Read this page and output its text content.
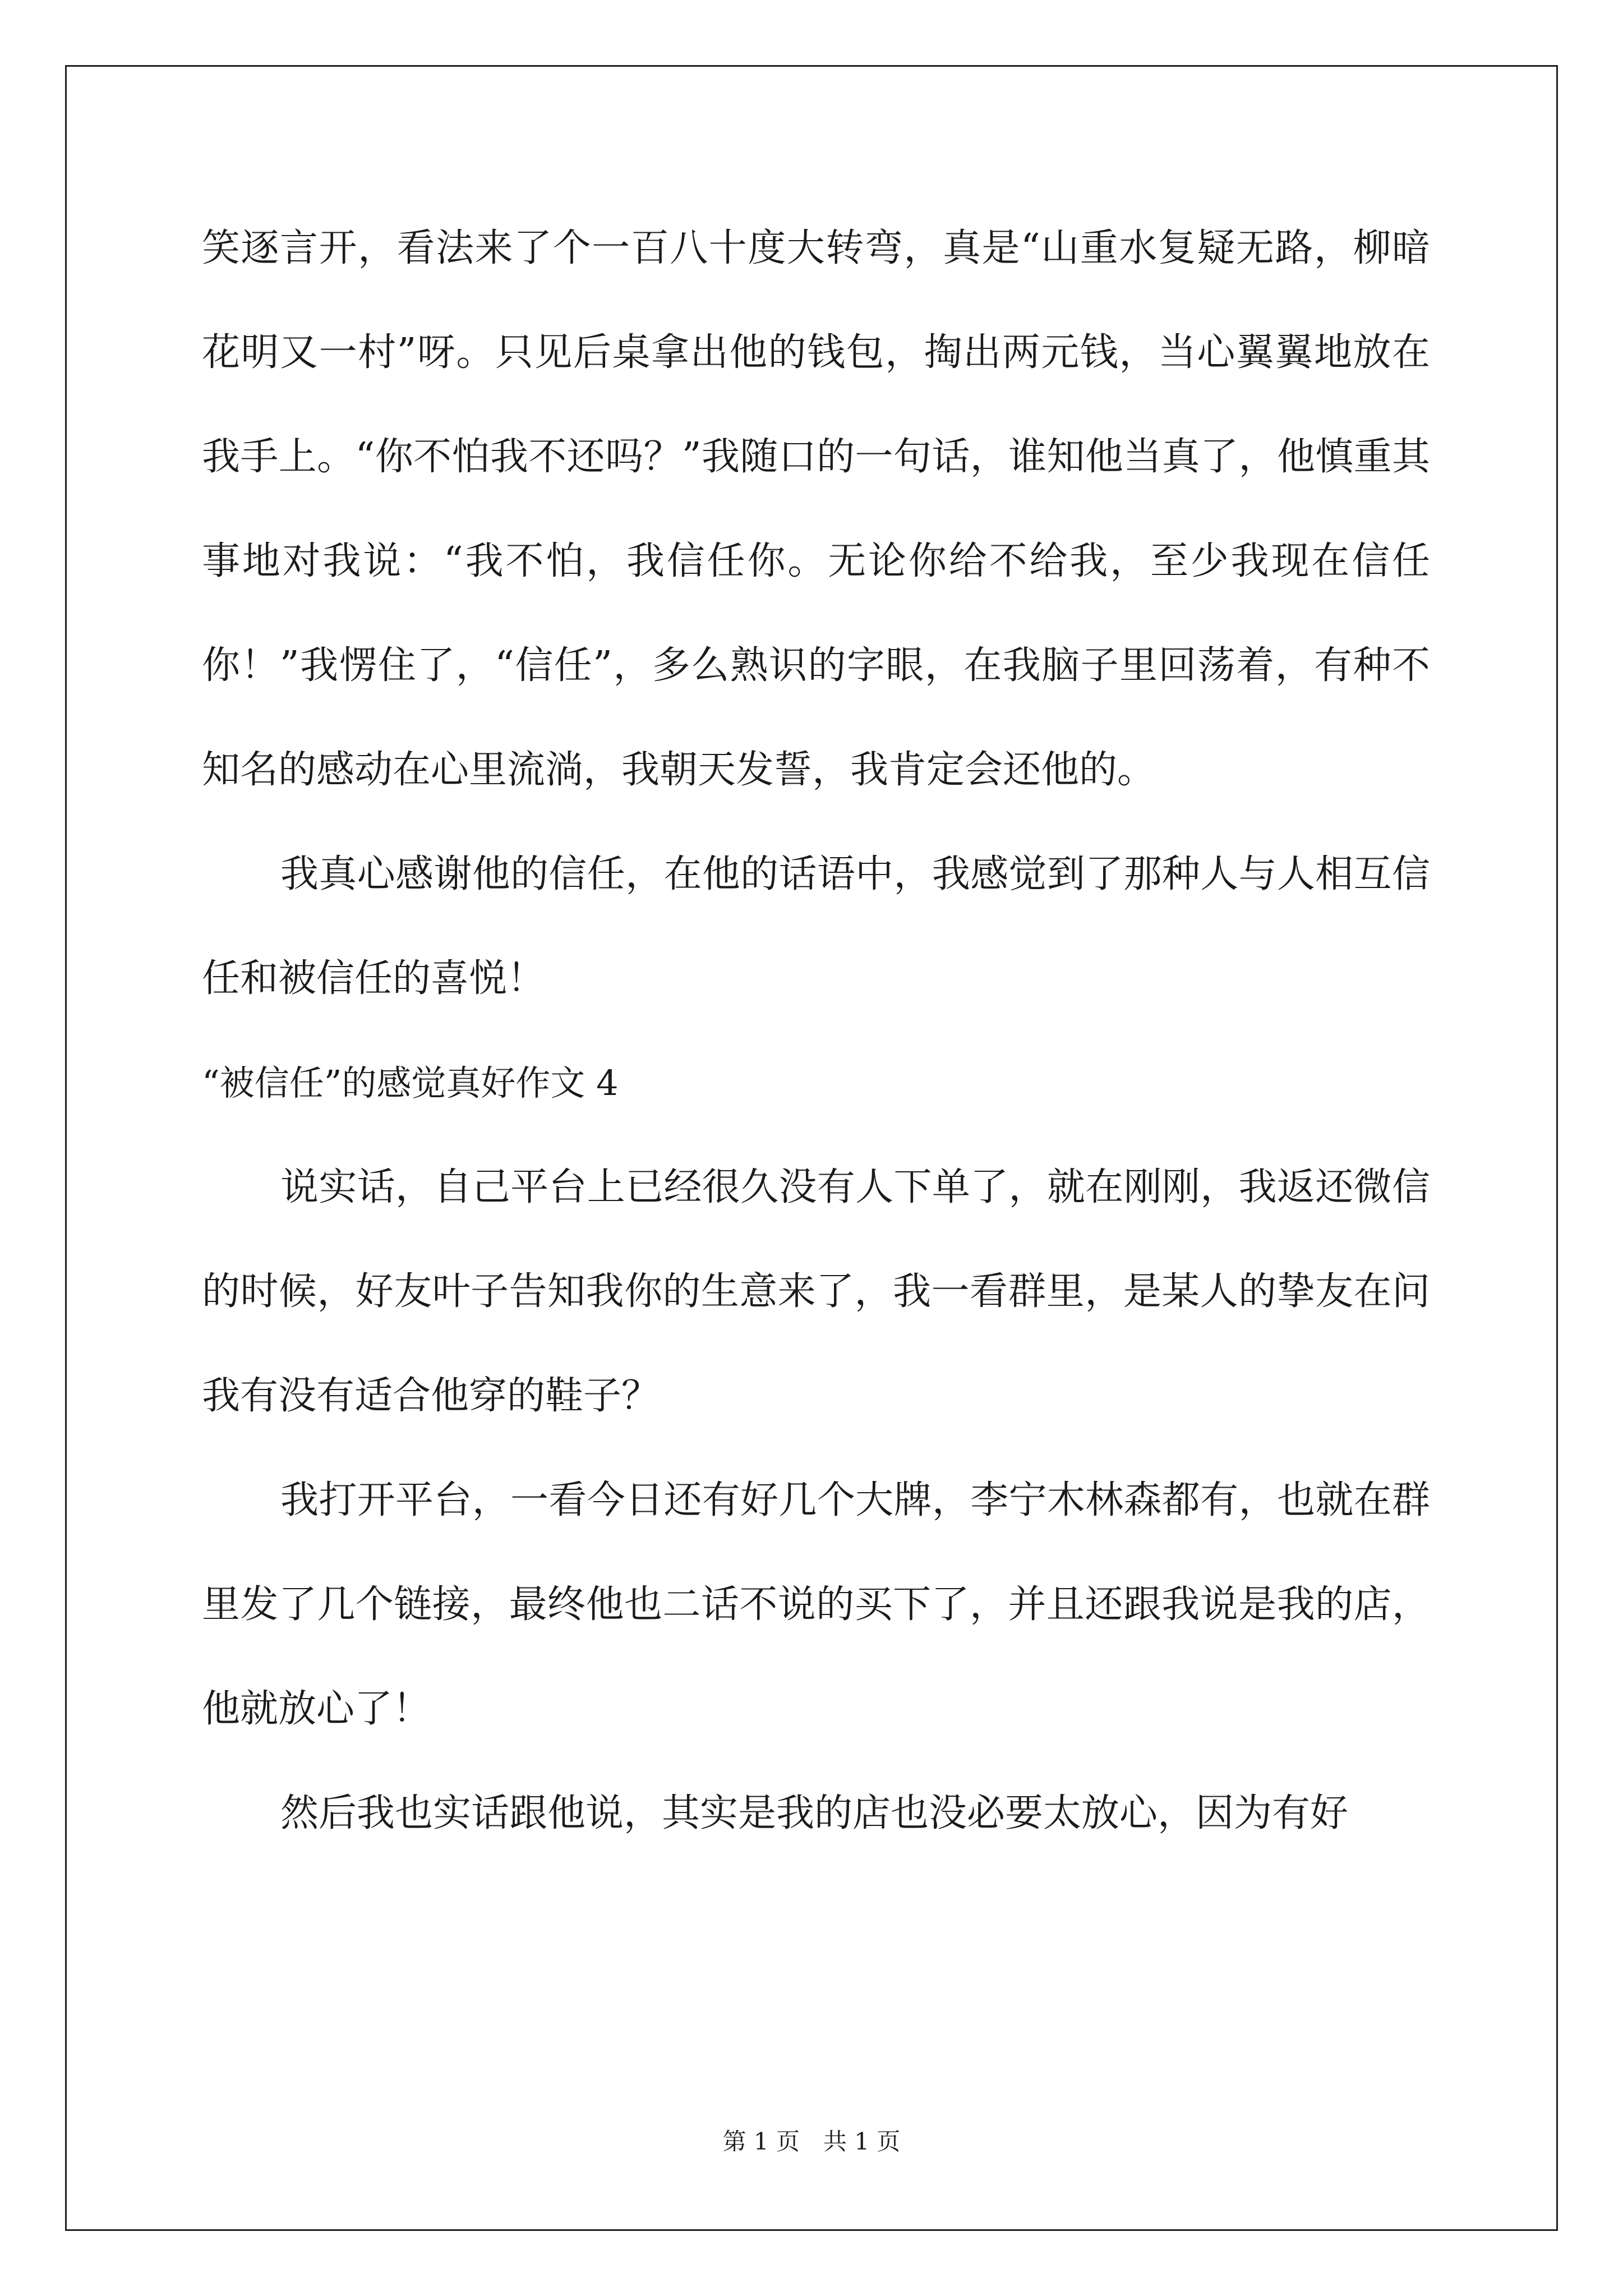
笑逐言开，看法来了个一百八十度大转弯，真是“山重水复疑无路，柳暗花明又一村”呀。只见后桌拿出他的钱包，掏出两元钱，当心翼翼地放在我手上。“你不怕我不还吗？”我随口的一句话，谁知他当真了，他慎重其事地对我说：“我不怕，我信任你。无论你给不给我，至少我现在信任你！”我愣住了，“信任”，多么熟识的字眼，在我脑子里回荡着，有种不知名的感动在心里流淌，我朝天发誓，我肯定会还他的。

我真心感谢他的信任，在他的话语中，我感觉到了那种人与人相互信任和被信任的喜悦！

“被信任”的感觉真好作文 4

说实话，自己平台上已经很久没有人下单了，就在刚刚，我返还微信的时候，好友叶子告知我你的生意来了，我一看群里，是某人的挚友在问我有没有适合他穿的鞋子？

我打开平台，一看今日还有好几个大牌，李宁木林森都有，也就在群里发了几个链接，最终他也二话不说的买下了，并且还跟我说是我的店，他就放心了！

然后我也实话跟他说，其实是我的店也没必要太放心，因为有好

第 1 页　共 1 页
